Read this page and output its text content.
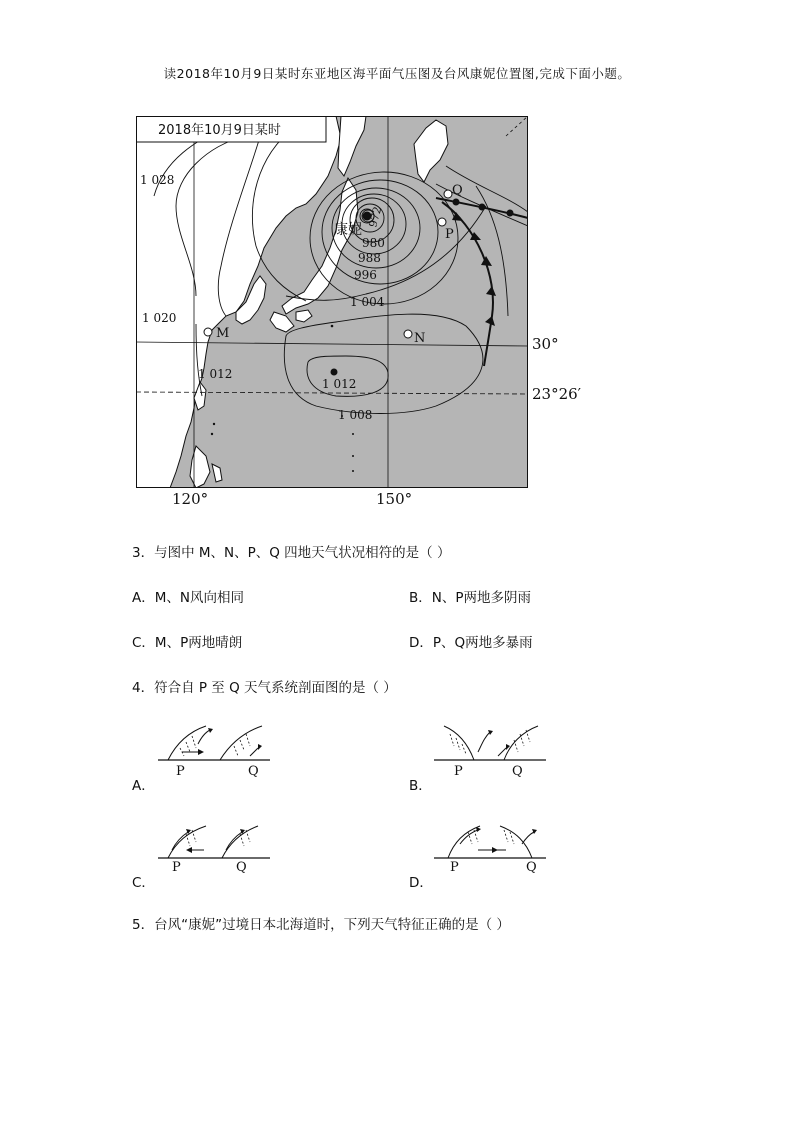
读2018年10月9日某时东亚地区海平面气压图及台风康妮位置图,完成下面小题。
2018年10月9日某时
1 028
1 020
1 012
1 012
1 008
1 004
996
988
980
972
康妮
M	N
P
Q
120°	150°
30°
23°26′
3．与图中 M、N、P、Q 四地天气状况相符的是（ ）
A．M、N风向相同	B．N、P两地多阴雨
C．M、P两地晴朗	D．P、Q两地多暴雨
4．符合自 P 至 Q 天气系统剖面图的是（ ）
A．
P	Q
B．
P	Q
C．
P	Q
D．
P	Q
5．台风“康妮”过境日本北海道时，下列天气特征正确的是（ ）
